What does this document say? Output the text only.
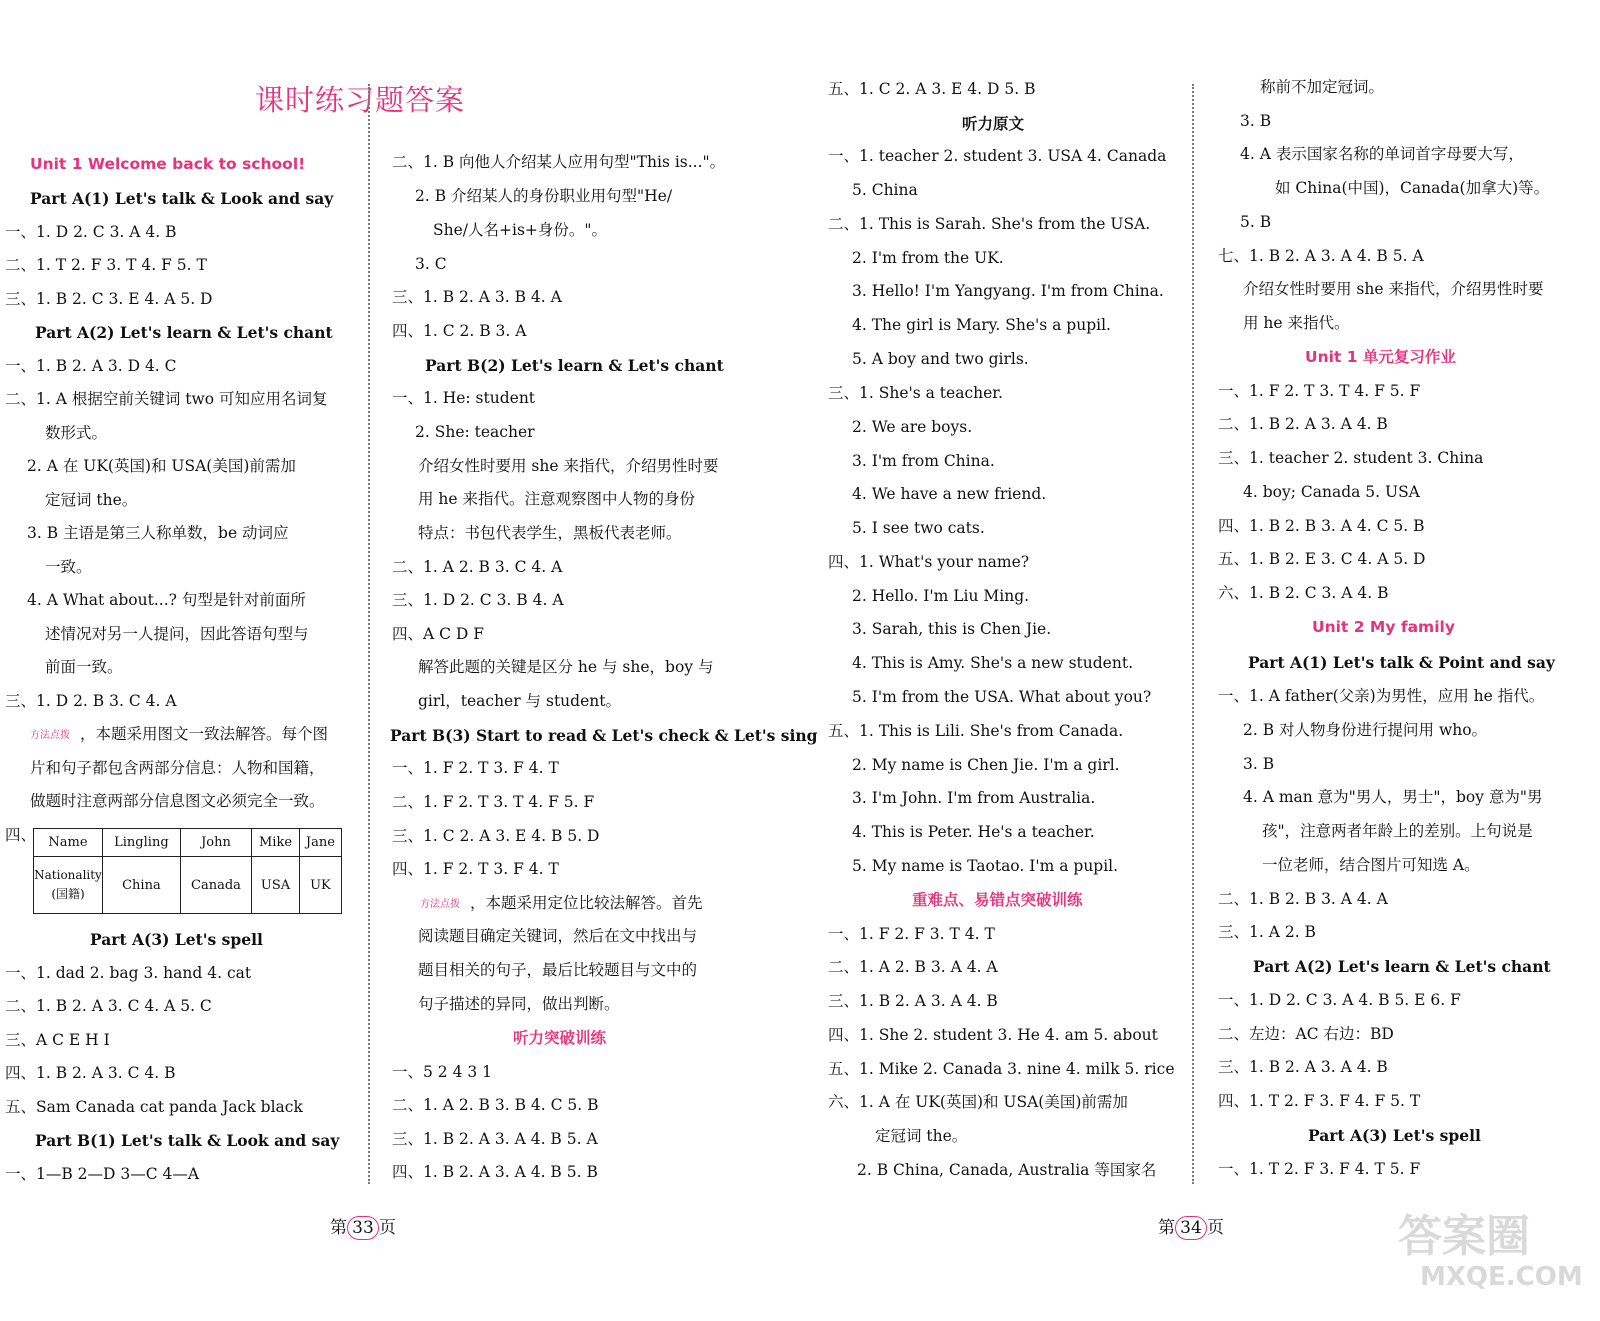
课时练习题答案
Unit 1 Welcome back to school!
Part A(1) Let's talk & Look and say
一、1. D 2. C 3. A 4. B
二、1. T 2. F 3. T 4. F 5. T
三、1. B 2. C 3. E 4. A 5. D
Part A(2) Let's learn & Let's chant
一、1. B 2. A 3. D 4. C
二、1. A 根据空前关键词 two 可知应用名词复
数形式。
2. A 在 UK(英国)和 USA(美国)前需加
定冠词 the。
3. B 主语是第三人称单数，be 动词应
一致。
4. A What about...? 句型是针对前面所
述情况对另一人提问，因此答语句型与
前面一致。
三、1. D 2. B 3. C 4. A
，本题采用图文一致法解答。每个图
片和句子都包含两部分信息：人物和国籍，
做题时注意两部分信息图文必须完全一致。
四、
Part A(3) Let's spell
一、1. dad 2. bag 3. hand 4. cat
二、1. B 2. A 3. C 4. A 5. C
三、A C E H I
四、1. B 2. A 3. C 4. B
五、Sam Canada cat panda Jack black
Part B(1) Let's talk & Look and say
一、1—B 2—D 3—C 4—A
二、1. B 向他人介绍某人应用句型"This is..."。
2. B 介绍某人的身份职业用句型"He/
She/人名+is+身份。"。
3. C
三、1. B 2. A 3. B 4. A
四、1. C 2. B 3. A
Part B(2) Let's learn & Let's chant
一、1. He: student
2. She: teacher
介绍女性时要用 she 来指代，介绍男性时要
用 he 来指代。注意观察图中人物的身份
特点：书包代表学生，黑板代表老师。
二、1. A 2. B 3. C 4. A
三、1. D 2. C 3. B 4. A
四、A C D F
解答此题的关键是区分 he 与 she，boy 与
girl，teacher 与 student。
Part B(3) Start to read & Let's check & Let's sing
一、1. F 2. T 3. F 4. T
二、1. F 2. T 3. T 4. F 5. F
三、1. C 2. A 3. E 4. B 5. D
四、1. F 2. T 3. F 4. T
，本题采用定位比较法解答。首先
阅读题目确定关键词，然后在文中找出与
题目相关的句子，最后比较题目与文中的
句子描述的异同，做出判断。
听力突破训练
一、5 2 4 3 1
二、1. A 2. B 3. B 4. C 5. B
三、1. B 2. A 3. A 4. B 5. A
四、1. B 2. A 3. A 4. B 5. B
五、1. C 2. A 3. E 4. D 5. B
听力原文
一、1. teacher 2. student 3. USA 4. Canada
5. China
二、1. This is Sarah. She's from the USA.
2. I'm from the UK.
3. Hello! I'm Yangyang. I'm from China.
4. The girl is Mary. She's a pupil.
5. A boy and two girls.
三、1. She's a teacher.
2. We are boys.
3. I'm from China.
4. We have a new friend.
5. I see two cats.
四、1. What's your name?
2. Hello. I'm Liu Ming.
3. Sarah, this is Chen Jie.
4. This is Amy. She's a new student.
5. I'm from the USA. What about you?
五、1. This is Lili. She's from Canada.
2. My name is Chen Jie. I'm a girl.
3. I'm John. I'm from Australia.
4. This is Peter. He's a teacher.
5. My name is Taotao. I'm a pupil.
重难点、易错点突破训练
一、1. F 2. F 3. T 4. T
二、1. A 2. B 3. A 4. A
三、1. B 2. A 3. A 4. B
四、1. She 2. student 3. He 4. am 5. about
五、1. Mike 2. Canada 3. nine 4. milk 5. rice
六、1. A 在 UK(英国)和 USA(美国)前需加
定冠词 the。
2. B China, Canada, Australia 等国家名
称前不加定冠词。
3. B
4. A 表示国家名称的单词首字母要大写，
如 China(中国)，Canada(加拿大)等。
5. B
七、1. B 2. A 3. A 4. B 5. A
介绍女性时要用 she 来指代，介绍男性时要
用 he 来指代。
Unit 1 单元复习作业
一、1. F 2. T 3. T 4. F 5. F
二、1. B 2. A 3. A 4. B
三、1. teacher 2. student 3. China
4. boy; Canada 5. USA
四、1. B 2. B 3. A 4. C 5. B
五、1. B 2. E 3. C 4. A 5. D
六、1. B 2. C 3. A 4. B
Unit 2 My family
Part A(1) Let's talk & Point and say
一、1. A father(父亲)为男性，应用 he 指代。
2. B 对人物身份进行提问用 who。
3. B
4. A man 意为"男人，男士"，boy 意为"男
孩"，注意两者年龄上的差别。上句说是
一位老师，结合图片可知选 A。
二、1. B 2. B 3. A 4. A
三、1. A 2. B
Part A(2) Let's learn & Let's chant
一、1. D 2. C 3. A 4. B 5. E 6. F
二、左边：AC 右边：BD
三、1. B 2. A 3. A 4. B
四、1. T 2. F 3. F 4. F 5. T
Part A(3) Let's spell
一、1. T 2. F 3. F 4. T 5. F
方法点拨
方法点拨
Name	Lingling	John	Mike	Jane
Nationality
(国籍)	China	Canada	USA	UK
第 33 页	第 34 页	答案圈
MXQE.COM
